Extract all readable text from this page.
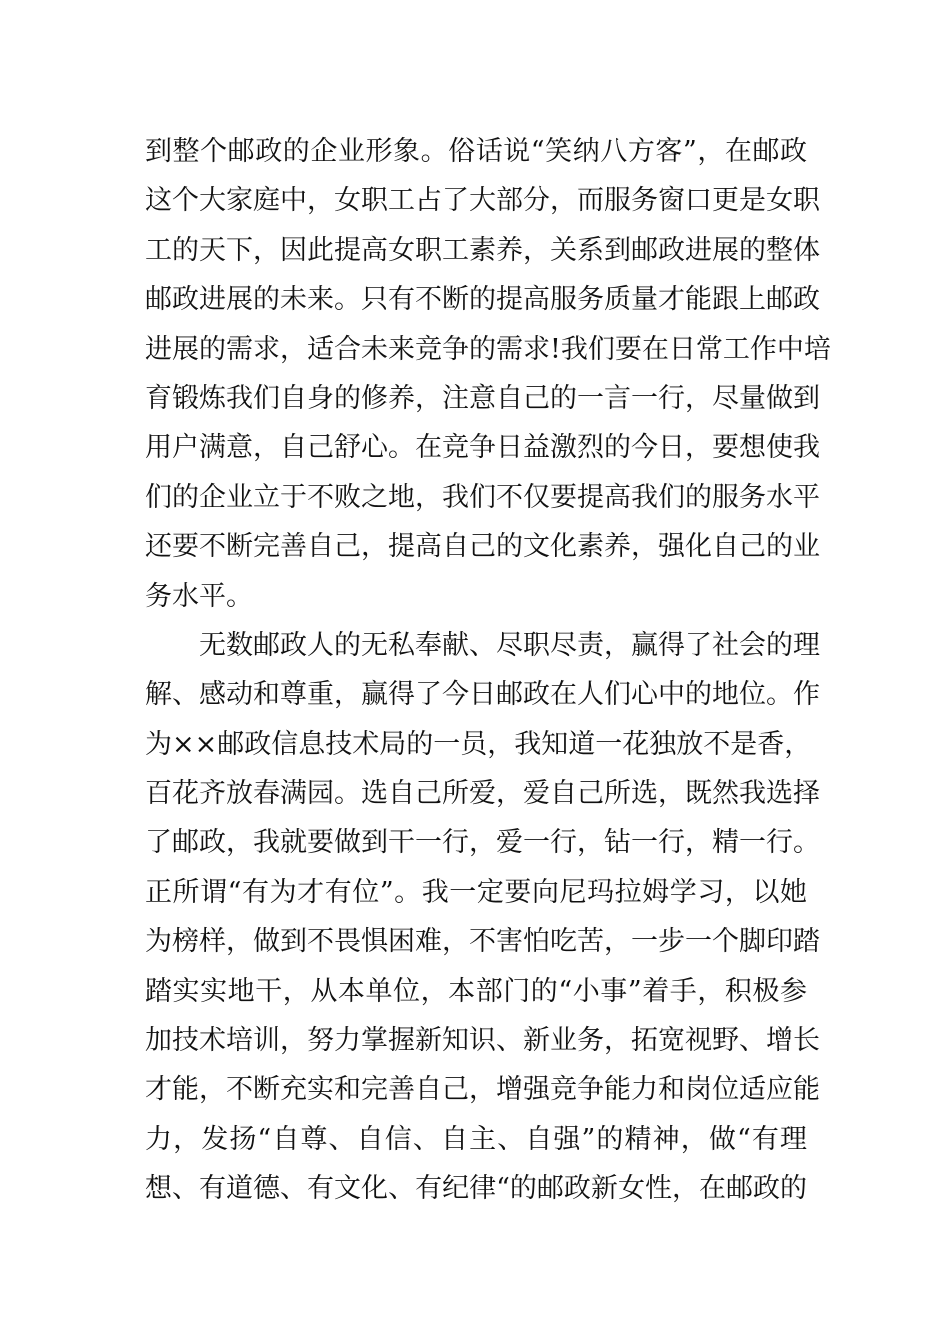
到整个邮政的企业形象。俗话说“笑纳八方客”，在邮政
这个大家庭中，女职工占了大部分，而服务窗口更是女职
工的天下，因此提高女职工素养，关系到邮政进展的整体
邮政进展的未来。只有不断的提高服务质量才能跟上邮政
进展的需求，适合未来竞争的需求!我们要在日常工作中培
育锻炼我们自身的修养，注意自己的一言一行，尽量做到
用户满意，自己舒心。在竞争日益激烈的今日，要想使我
们的企业立于不败之地，我们不仅要提高我们的服务水平
还要不断完善自己，提高自己的文化素养，强化自己的业
务水平。
　　无数邮政人的无私奉献、尽职尽责，赢得了社会的理
解、感动和尊重，赢得了今日邮政在人们心中的地位。作
为××邮政信息技术局的一员，我知道一花独放不是香，
百花齐放春满园。选自己所爱，爱自己所选，既然我选择
了邮政，我就要做到干一行，爱一行，钻一行，精一行。
正所谓“有为才有位”。我一定要向尼玛拉姆学习，以她
为榜样，做到不畏惧困难，不害怕吃苦，一步一个脚印踏
踏实实地干，从本单位，本部门的“小事”着手，积极参
加技术培训，努力掌握新知识、新业务，拓宽视野、增长
才能，不断充实和完善自己，增强竞争能力和岗位适应能
力，发扬“自尊、自信、自主、自强”的精神，做“有理
想、有道德、有文化、有纪律“的邮政新女性，在邮政的
